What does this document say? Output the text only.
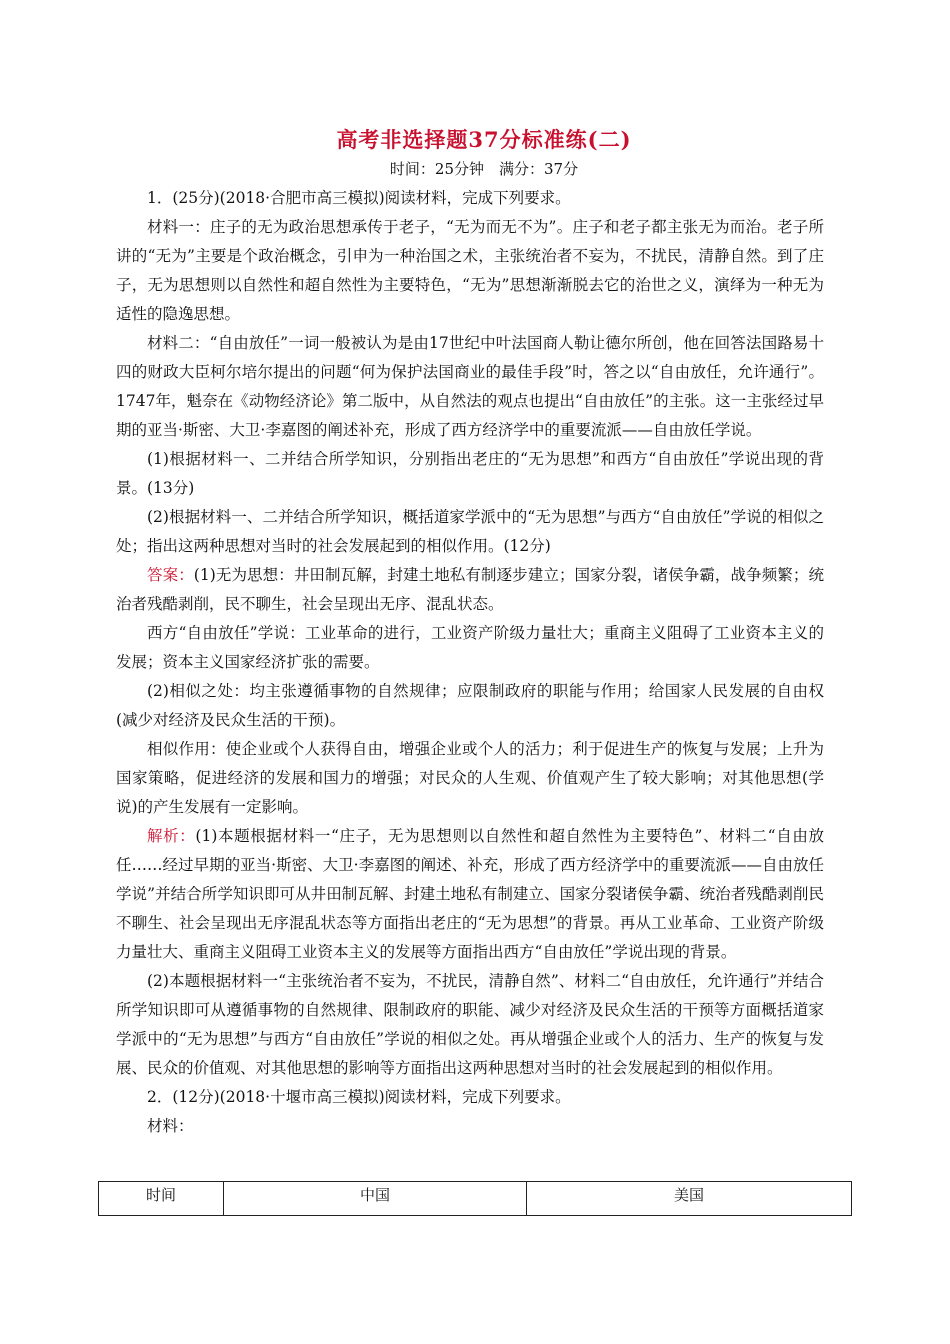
高考非选择题37分标准练(二)
时间：25分钟　满分：37分

1．(25分)(2018·合肥市高三模拟)阅读材料，完成下列要求。

材料一：庄子的无为政治思想承传于老子，“无为而无不为”。庄子和老子都主张无为而治。老子所讲的“无为”主要是个政治概念，引申为一种治国之术，主张统治者不妄为，不扰民，清静自然。到了庄子，无为思想则以自然性和超自然性为主要特色，“无为”思想渐渐脱去它的治世之义，演绎为一种无为适性的隐逸思想。

材料二：“自由放任”一词一般被认为是由17世纪中叶法国商人勒让德尔所创，他在回答法国路易十四的财政大臣柯尔培尔提出的问题“何为保护法国商业的最佳手段”时，答之以“自由放任，允许通行”。1747年，魁奈在《动物经济论》第二版中，从自然法的观点也提出“自由放任”的主张。这一主张经过早期的亚当·斯密、大卫·李嘉图的阐述补充，形成了西方经济学中的重要流派——自由放任学说。

(1)根据材料一、二并结合所学知识，分别指出老庄的“无为思想”和西方“自由放任”学说出现的背景。(13分)

(2)根据材料一、二并结合所学知识，概括道家学派中的“无为思想”与西方“自由放任”学说的相似之处；指出这两种思想对当时的社会发展起到的相似作用。(12分)

答案：(1)无为思想：井田制瓦解，封建土地私有制逐步建立；国家分裂，诸侯争霸，战争频繁；统治者残酷剥削，民不聊生，社会呈现出无序、混乱状态。

西方“自由放任”学说：工业革命的进行，工业资产阶级力量壮大；重商主义阻碍了工业资本主义的发展；资本主义国家经济扩张的需要。

(2)相似之处：均主张遵循事物的自然规律；应限制政府的职能与作用；给国家人民发展的自由权(减少对经济及民众生活的干预)。

相似作用：使企业或个人获得自由，增强企业或个人的活力；利于促进生产的恢复与发展；上升为国家策略，促进经济的发展和国力的增强；对民众的人生观、价值观产生了较大影响；对其他思想(学说)的产生发展有一定影响。

解析：(1)本题根据材料一“庄子，无为思想则以自然性和超自然性为主要特色”、材料二“自由放任……经过早期的亚当·斯密、大卫·李嘉图的阐述、补充，形成了西方经济学中的重要流派——自由放任学说”并结合所学知识即可从井田制瓦解、封建土地私有制建立、国家分裂诸侯争霸、统治者残酷剥削民不聊生、社会呈现出无序混乱状态等方面指出老庄的“无为思想”的背景。再从工业革命、工业资产阶级力量壮大、重商主义阻碍工业资本主义的发展等方面指出西方“自由放任”学说出现的背景。

(2)本题根据材料一“主张统治者不妄为，不扰民，清静自然”、材料二“自由放任，允许通行”并结合所学知识即可从遵循事物的自然规律、限制政府的职能、减少对经济及民众生活的干预等方面概括道家学派中的“无为思想”与西方“自由放任”学说的相似之处。再从增强企业或个人的活力、生产的恢复与发展、民众的价值观、对其他思想的影响等方面指出这两种思想对当时的社会发展起到的相似作用。

2．(12分)(2018·十堰市高三模拟)阅读材料，完成下列要求。

材料：

时间	中国	美国
